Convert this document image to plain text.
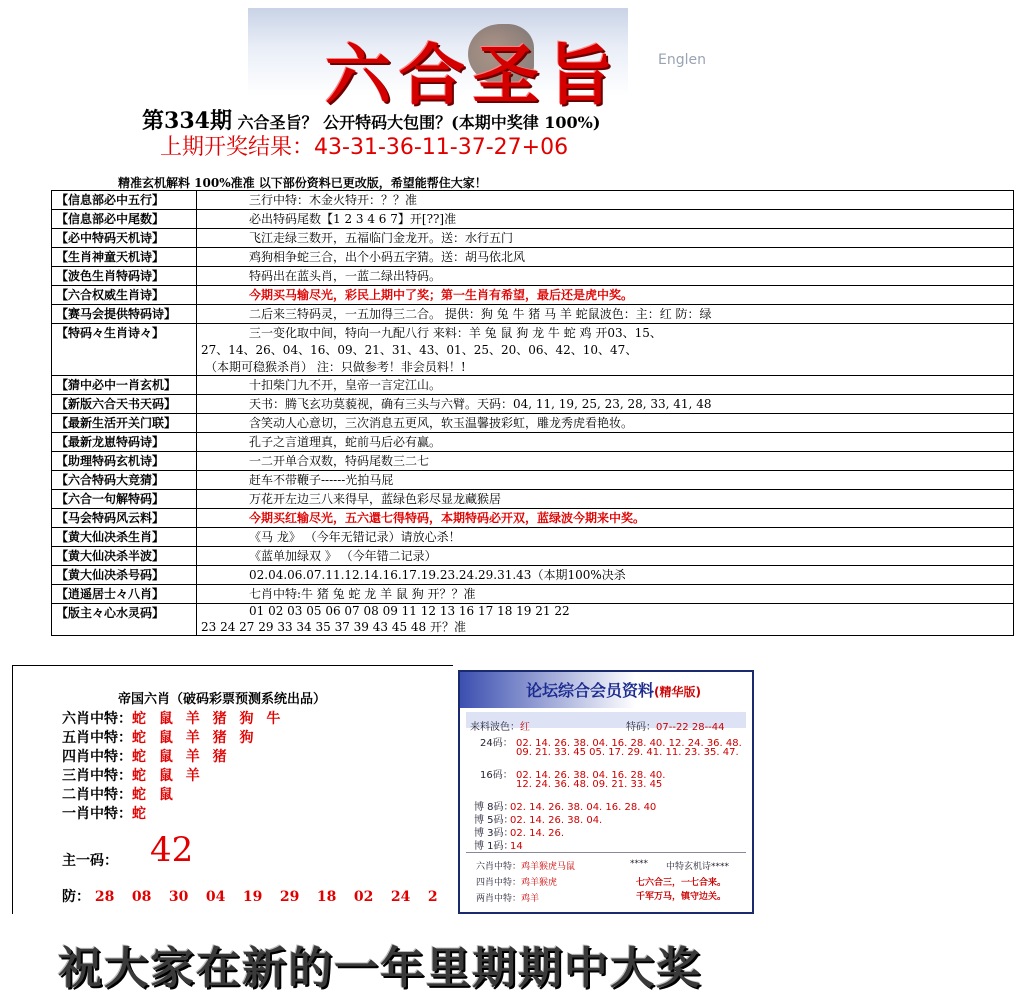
六合圣旨	Englen
第334期 六合圣旨？ 公开特码大包围？(本期中奖律 100%)
上期开奖结果：43-31-36-11-37-27+06
精准玄机解料 100%准准 以下部份资料已更改版，希望能帮住大家！
【信息部必中五行】	三行中特：木金火特开：？？准
【信息部必中尾数】	必出特码尾数【1 2 3 4 6 7】开[??]准
【必中特码天机诗】	飞江走绿三数开，五福临门金龙开。送：水行五门
【生肖神童天机诗】	鸡狗相争蛇三合，出个小码五字猜。送：胡马依北风
【波色生肖特码诗】	特码出在蓝头肖，一蓝二绿出特码。
【六合权威生肖诗】	今期买马输尽光，彩民上期中了奖；第一生肖有希望，最后还是虎中奖。
【赛马会提供特码诗】	二后来三特码灵，一五加得三二合。 提供：狗 兔 牛 猪 马 羊 蛇鼠波色：主：红 防：绿
【特码々生肖诗々】	三一变化取中间，特向一九配八行 来料：羊 兔 鼠 狗 龙 牛 蛇 鸡 开03、15、
27、14、26、04、16、09、21、31、43、01、25、20、06、42、10、47、
（本期可稳猴杀肖） 注：只做参考！非会员料！!

【猜中必中一肖玄机】	十扣柴门九不开，皇帝一言定江山。
【新版六合天书天码】	天书：腾飞玄功莫藐视，确有三头与六臂。天码：04, 11, 19, 25, 23, 28, 33, 41, 48
【最新生活开关门联】	含笑动人心意切，三次消息五更风，软玉温馨披彩虹，雕龙秀虎看艳妆。
【最新龙崽特码诗】	孔子之言道理真，蛇前马后必有赢。
【助理特码玄机诗】	一二开单合双数，特码尾数三二七
【六合特码大竞猜】	赶车不带鞭子------光拍马屁
【六合一句解特码】	万花开左边三八来得早，蓝绿色彩尽显龙藏猴居
【马会特码风云料】	今期买红输尽光，五六還七得特码，本期特码必开双，蓝绿波今期来中奖。
【黄大仙决杀生肖】	《马 龙》 （今年无错记录）请放心杀！
【黄大仙决杀半波】	《蓝单加绿双 》 （今年错二记录）
【黄大仙决杀号码】	02.04.06.07.11.12.14.16.17.19.23.24.29.31.43（本期100%决杀
【逍遥居士々八肖】	七肖中特:牛 猪 兔 蛇 龙 羊 鼠 狗 开？？准
【版主々心水灵码】	01 02 03 05 06 07 08 09 11 12 13 16 17 18 19 21 22
23 24 27 29 33 34 35 37 39 43 45 48 开？准
帝国六肖（破码彩票预测系统出品）
六肖中特：蛇 鼠 羊 猪 狗 牛
五肖中特：蛇 鼠 羊 猪 狗
四肖中特：蛇 鼠 羊 猪
三肖中特：蛇 鼠 羊
二肖中特：蛇 鼠
一肖中特：蛇
主一码： 42
防： 28 08 30 04 19 29 18 02 24 2
论坛综合会员资料(精华版)
来料波色：红	特码：07--22 28--44
24码： 02. 14. 26. 38. 04. 16. 28. 40. 12. 24. 36. 48.
09. 21. 33. 45 05. 17. 29. 41. 11. 23. 35. 47.
16码： 02. 14. 26. 38. 04. 16. 28. 40.
12. 24. 36. 48. 09. 21. 33. 45
博 8码：02. 14. 26. 38. 04. 16. 28. 40
博 5码：02. 14. 26. 38. 04.
博 3码：02. 14. 26.
博 1码：14
六肖中特：鸡羊猴虎马鼠
四肖中特：鸡羊猴虎
两肖中特：鸡羊
**** 中特玄机诗****
七六合三，一七合来。
千军万马，镇守边关。
祝大家在新的一年里期期中大奖
